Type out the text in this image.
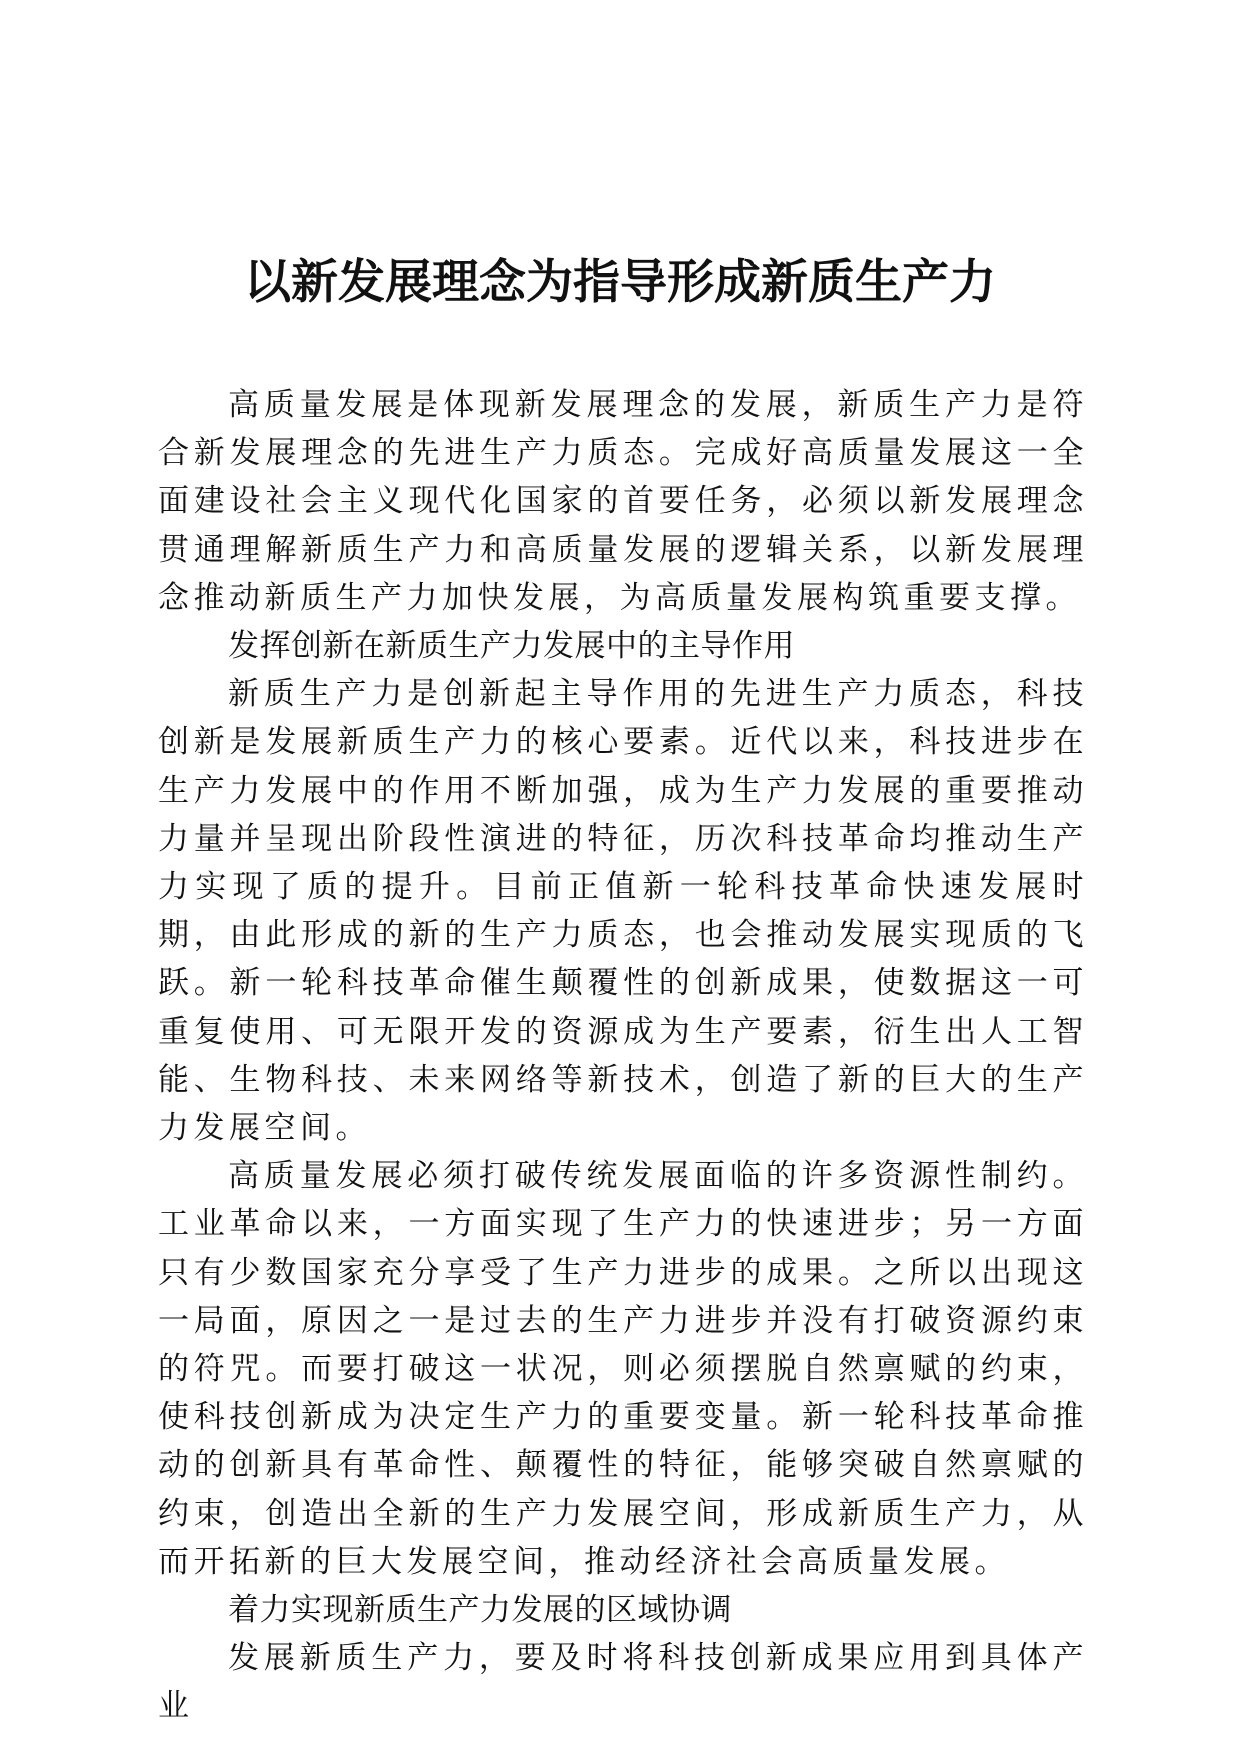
以新发展理念为指导形成新质生产力

高质量发展是体现新发展理念的发展，新质生产力是符合新发展理念的先进生产力质态。完成好高质量发展这一全面建设社会主义现代化国家的首要任务，必须以新发展理念贯通理解新质生产力和高质量发展的逻辑关系，以新发展理念推动新质生产力加快发展，为高质量发展构筑重要支撑。

发挥创新在新质生产力发展中的主导作用

新质生产力是创新起主导作用的先进生产力质态，科技创新是发展新质生产力的核心要素。近代以来，科技进步在生产力发展中的作用不断加强，成为生产力发展的重要推动力量并呈现出阶段性演进的特征，历次科技革命均推动生产力实现了质的提升。目前正值新一轮科技革命快速发展时期，由此形成的新的生产力质态，也会推动发展实现质的飞跃。新一轮科技革命催生颠覆性的创新成果，使数据这一可重复使用、可无限开发的资源成为生产要素，衍生出人工智能、生物科技、未来网络等新技术，创造了新的巨大的生产力发展空间。

高质量发展必须打破传统发展面临的许多资源性制约。工业革命以来，一方面实现了生产力的快速进步；另一方面只有少数国家充分享受了生产力进步的成果。之所以出现这一局面，原因之一是过去的生产力进步并没有打破资源约束的符咒。而要打破这一状况，则必须摆脱自然禀赋的约束，使科技创新成为决定生产力的重要变量。新一轮科技革命推动的创新具有革命性、颠覆性的特征，能够突破自然禀赋的约束，创造出全新的生产力发展空间，形成新质生产力，从而开拓新的巨大发展空间，推动经济社会高质量发展。

着力实现新质生产力发展的区域协调

发展新质生产力，要及时将科技创新成果应用到具体产业
